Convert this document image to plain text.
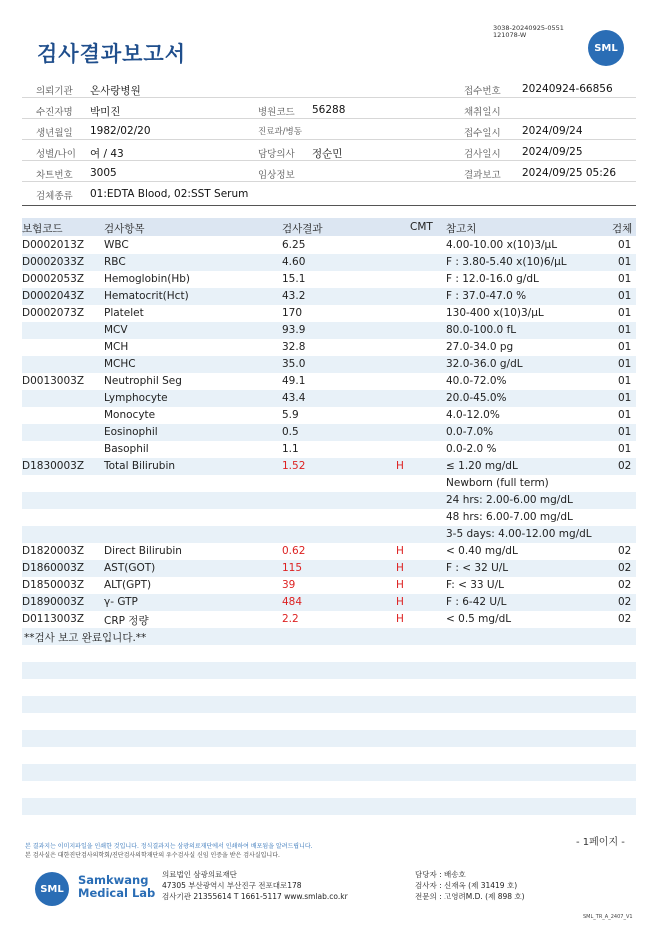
검사결과보고서
3038-20240925-0551
121078-W
SML
의뢰기관 온사랑병원	접수번호 20240924-66856
수진자명 박미진	병원코드 56288	채취일시
생년월일 1982/02/20	진료과/병동	접수일시 2024/09/24
성별/나이 여 / 43	담당의사 정순민	검사일시 2024/09/25
차트번호 3005	임상정보	결과보고 2024/09/25 05:26
검체종류 01:EDTA Blood, 02:SST Serum
보험코드	검사항목	검사결과	CMT 참고치	검체
D0002013Z WBC	6.25	4.00-10.00 x(10)3/μL	01
D0002033Z RBC	4.60	F : 3.80-5.40 x(10)6/μL	01
D0002053Z Hemoglobin(Hb)	15.1	F : 12.0-16.0 g/dL	01
D0002043Z Hematocrit(Hct)	43.2	F : 37.0-47.0 %	01
D0002073Z Platelet	170	130-400 x(10)3/μL	01
MCV	93.9	80.0-100.0 fL	01
MCH	32.8	27.0-34.0 pg	01
MCHC	35.0	32.0-36.0 g/dL	01
D0013003Z Neutrophil Seg	49.1	40.0-72.0%	01
Lymphocyte	43.4	20.0-45.0%	01
Monocyte	5.9	4.0-12.0%	01
Eosinophil	0.5	0.0-7.0%	01
Basophil	1.1	0.0-2.0 %	01
D1830003Z Total Bilirubin	1.52	H	≤ 1.20 mg/dL	02
Newborn (full term)
24 hrs: 2.00-6.00 mg/dL
48 hrs: 6.00-7.00 mg/dL
3-5 days: 4.00-12.00 mg/dL
D1820003Z Direct Bilirubin	0.62	H	< 0.40 mg/dL	02
D1860003Z AST(GOT)	115	H	F : < 32 U/L	02
D1850003Z ALT(GPT)	39	H	F: < 33 U/L	02
D1890003Z γ- GTP	484	H	F : 6-42 U/L	02
D0113003Z CRP 정량	2.2	H	< 0.5 mg/dL	02
**검사 보고 완료입니다.**
- 1페이지 -
본 결과지는 이미지파일을 인쇄한 것입니다. 정식결과지는 삼광의료재단에서 인쇄하여 배포됨을 알려드립니다.
본 검사실은 대한진단검사의학회/진단검사의학재단의 우수검사실 신임 인증을 받은 검사실입니다.
SML
Samkwang
Medical Lab
의료법인 삼광의료재단
47305 부산광역시 부산진구 전포대로178
검사기관 21355614 T 1661-5117 www.smlab.co.kr
담당자 : 배송호
검사자 : 신재옥 (제 31419 호)
전문의 : 고영려M.D. (제 898 호)
SML_TR_A_2407_V1
